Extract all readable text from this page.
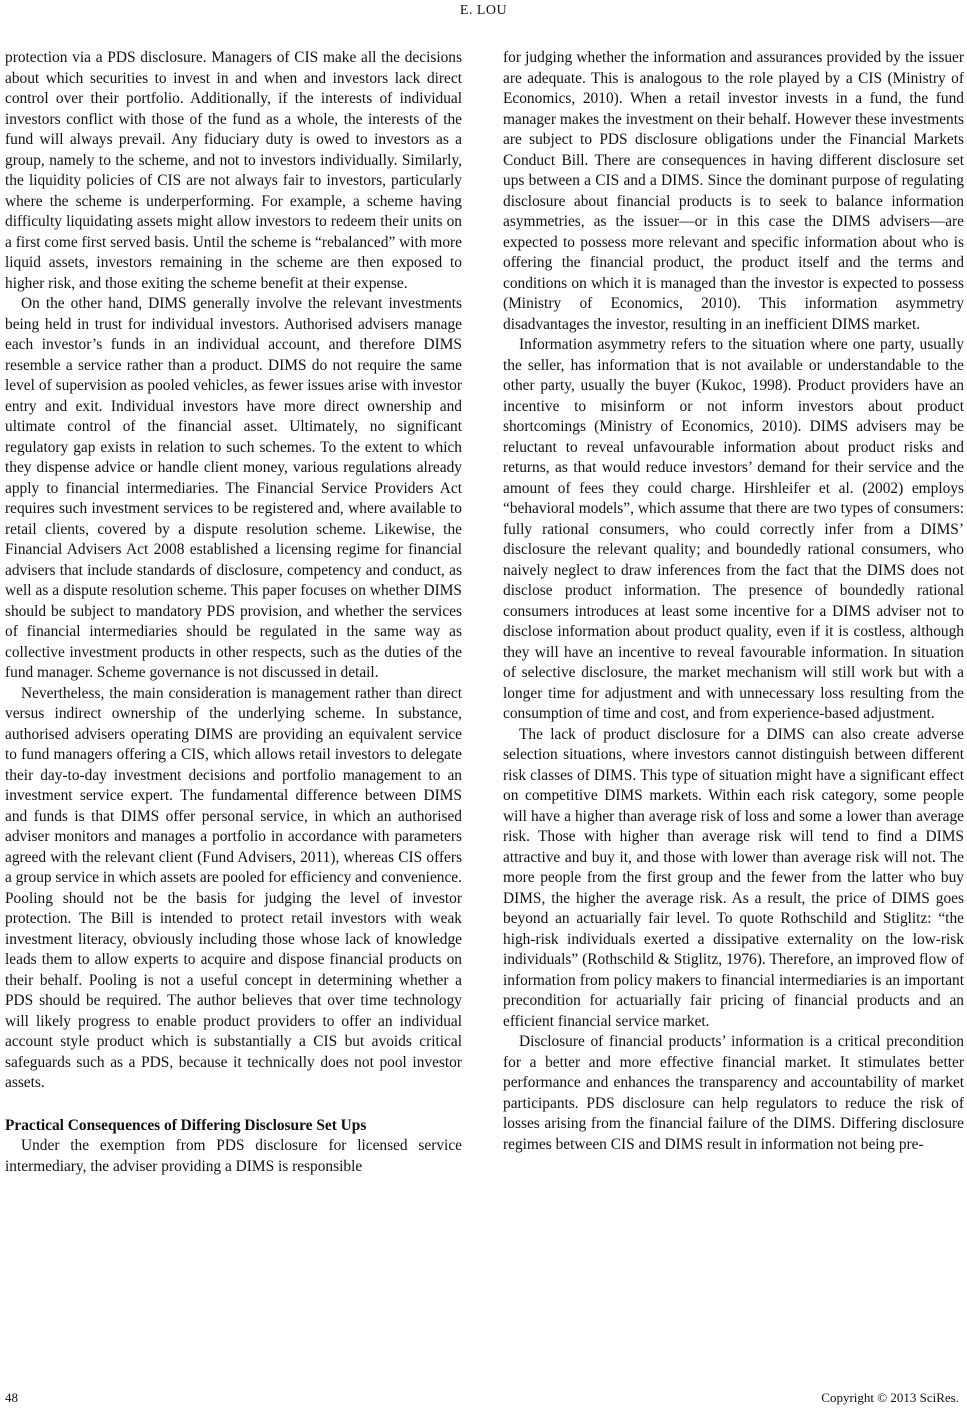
E. LOU

protection via a PDS disclosure. Managers of CIS make all the decisions about which securities to invest in and when and investors lack direct control over their portfolio. Additionally, if the interests of individual investors conflict with those of the fund as a whole, the interests of the fund will always prevail. Any fiduciary duty is owed to investors as a group, namely to the scheme, and not to investors individually. Similarly, the liquidity policies of CIS are not always fair to investors, particularly where the scheme is underperforming. For example, a scheme having difficulty liquidating assets might allow investors to redeem their units on a first come first served basis. Until the scheme is “rebalanced” with more liquid assets, investors remaining in the scheme are then exposed to higher risk, and those exiting the scheme benefit at their expense.

On the other hand, DIMS generally involve the relevant investments being held in trust for individual investors. Authorised advisers manage each investor’s funds in an individual account, and therefore DIMS resemble a service rather than a product. DIMS do not require the same level of supervision as pooled vehicles, as fewer issues arise with investor entry and exit. Individual investors have more direct ownership and ultimate control of the financial asset. Ultimately, no significant regulatory gap exists in relation to such schemes. To the extent to which they dispense advice or handle client money, various regulations already apply to financial intermediaries. The Financial Service Providers Act requires such investment services to be registered and, where available to retail clients, covered by a dispute resolution scheme. Likewise, the Financial Advisers Act 2008 established a licensing regime for financial advisers that include standards of disclosure, competency and conduct, as well as a dispute resolution scheme. This paper focuses on whether DIMS should be subject to mandatory PDS provision, and whether the services of financial intermediaries should be regulated in the same way as collective investment products in other respects, such as the duties of the fund manager. Scheme governance is not discussed in detail.

Nevertheless, the main consideration is management rather than direct versus indirect ownership of the underlying scheme. In substance, authorised advisers operating DIMS are providing an equivalent service to fund managers offering a CIS, which allows retail investors to delegate their day-to-day investment decisions and portfolio management to an investment service expert. The fundamental difference between DIMS and funds is that DIMS offer personal service, in which an authorised adviser monitors and manages a portfolio in accordance with parameters agreed with the relevant client (Fund Advisers, 2011), whereas CIS offers a group service in which assets are pooled for efficiency and convenience. Pooling should not be the basis for judging the level of investor protection. The Bill is intended to protect retail investors with weak investment literacy, obviously including those whose lack of knowledge leads them to allow experts to acquire and dispose financial products on their behalf. Pooling is not a useful concept in determining whether a PDS should be required. The author believes that over time technology will likely progress to enable product providers to offer an individual account style product which is substantially a CIS but avoids critical safeguards such as a PDS, because it technically does not pool investor assets.

Practical Consequences of Differing Disclosure Set Ups

Under the exemption from PDS disclosure for licensed service intermediary, the adviser providing a DIMS is responsible

for judging whether the information and assurances provided by the issuer are adequate. This is analogous to the role played by a CIS (Ministry of Economics, 2010). When a retail investor invests in a fund, the fund manager makes the investment on their behalf. However these investments are subject to PDS disclosure obligations under the Financial Markets Conduct Bill. There are consequences in having different disclosure set ups between a CIS and a DIMS. Since the dominant purpose of regulating disclosure about financial products is to seek to balance information asymmetries, as the issuer—or in this case the DIMS advisers—are expected to possess more relevant and specific information about who is offering the financial product, the product itself and the terms and conditions on which it is managed than the investor is expected to possess (Ministry of Economics, 2010). This information asymmetry disadvantages the investor, resulting in an inefficient DIMS market.

Information asymmetry refers to the situation where one party, usually the seller, has information that is not available or understandable to the other party, usually the buyer (Kukoc, 1998). Product providers have an incentive to misinform or not inform investors about product shortcomings (Ministry of Economics, 2010). DIMS advisers may be reluctant to reveal unfavourable information about product risks and returns, as that would reduce investors’ demand for their service and the amount of fees they could charge. Hirshleifer et al. (2002) employs “behavioral models”, which assume that there are two types of consumers: fully rational consumers, who could correctly infer from a DIMS’ disclosure the relevant quality; and boundedly rational consumers, who naively neglect to draw inferences from the fact that the DIMS does not disclose product information. The presence of boundedly rational consumers introduces at least some incentive for a DIMS adviser not to disclose information about product quality, even if it is costless, although they will have an incentive to reveal favourable information. In situation of selective disclosure, the market mechanism will still work but with a longer time for adjustment and with unnecessary loss resulting from the consumption of time and cost, and from experience-based adjustment.

The lack of product disclosure for a DIMS can also create adverse selection situations, where investors cannot distinguish between different risk classes of DIMS. This type of situation might have a significant effect on competitive DIMS markets. Within each risk category, some people will have a higher than average risk of loss and some a lower than average risk. Those with higher than average risk will tend to find a DIMS attractive and buy it, and those with lower than average risk will not. The more people from the first group and the fewer from the latter who buy DIMS, the higher the average risk. As a result, the price of DIMS goes beyond an actuarially fair level. To quote Rothschild and Stiglitz: “the high-risk individuals exerted a dissipative externality on the low-risk individuals” (Rothschild & Stiglitz, 1976). Therefore, an improved flow of information from policy makers to financial intermediaries is an important precondition for actuarially fair pricing of financial products and an efficient financial service market.

Disclosure of financial products’ information is a critical precondition for a better and more effective financial market. It stimulates better performance and enhances the transparency and accountability of market participants. PDS disclosure can help regulators to reduce the risk of losses arising from the financial failure of the DIMS. Differing disclosure regimes between CIS and DIMS result in information not being pre-

48	Copyright © 2013 SciRes.
